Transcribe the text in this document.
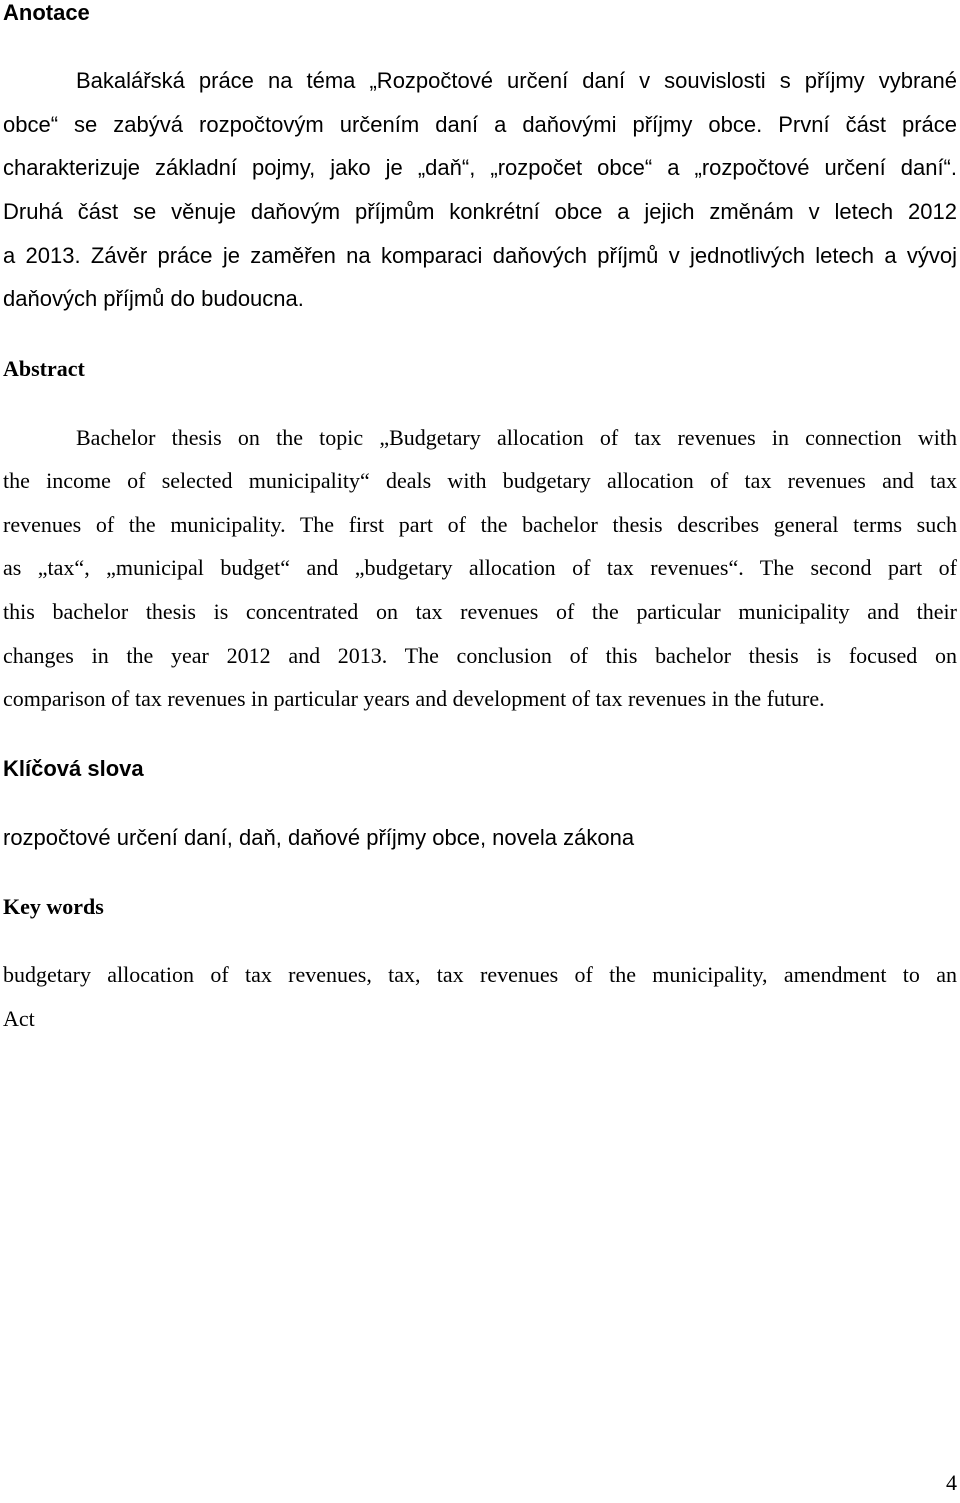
Anotace
Bakalářská práce na téma „Rozpočtové určení daní v souvislosti s příjmy vybrané
obce“ se zabývá rozpočtovým určením daní a daňovými příjmy obce. První část práce
charakterizuje základní pojmy, jako je „daň“, „rozpočet obce“ a „rozpočtové určení daní“.
Druhá část se věnuje daňovým příjmům konkrétní obce a jejich změnám v letech 2012
a 2013. Závěr práce je zaměřen na komparaci daňových příjmů v jednotlivých letech a vývoj
daňových příjmů do budoucna.
Abstract
Bachelor thesis on the topic „Budgetary allocation of tax revenues in connection with
the income of selected municipality“ deals with budgetary allocation of tax revenues and tax
revenues of the municipality. The first part of the bachelor thesis describes general terms such
as „tax“, „municipal budget“ and „budgetary allocation of tax revenues“. The second part of
this bachelor thesis is concentrated on tax revenues of the particular municipality and their
changes in the year 2012 and 2013. The conclusion of this bachelor thesis is focused on
comparison of tax revenues in particular years and development of tax revenues in the future.
Klíčová slova
rozpočtové určení daní, daň, daňové příjmy obce, novela zákona
Key words
budgetary allocation of tax revenues, tax, tax revenues of the municipality, amendment to an
Act
4
